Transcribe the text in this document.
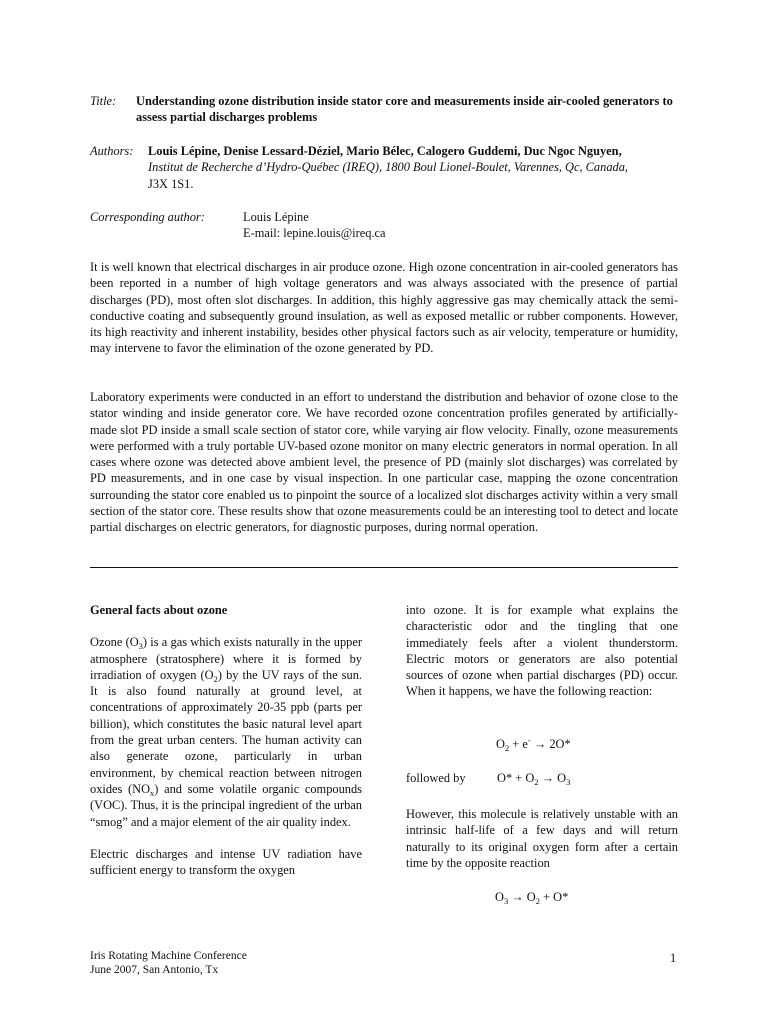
Title: Understanding ozone distribution inside stator core and measurements inside air-cooled generators to assess partial discharges problems
Authors: Louis Lépine, Denise Lessard-Déziel, Mario Bélec, Calogero Guddemi, Duc Ngoc Nguyen,
Institut de Recherche d’Hydro-Québec (IREQ), 1800 Boul Lionel-Boulet, Varennes, Qc, Canada, J3X 1S1.
Corresponding author:	Louis Lépine
E-mail: lepine.louis@ireq.ca
It is well known that electrical discharges in air produce ozone. High ozone concentration in air-cooled generators has been reported in a number of high voltage generators and was always associated with the presence of partial discharges (PD), most often slot discharges. In addition, this highly aggressive gas may chemically attack the semi-conductive coating and subsequently ground insulation, as well as exposed metallic or rubber components. However, its high reactivity and inherent instability, besides other physical factors such as air velocity, temperature or humidity, may intervene to favor the elimination of the ozone generated by PD.
Laboratory experiments were conducted in an effort to understand the distribution and behavior of ozone close to the stator winding and inside generator core. We have recorded ozone concentration profiles generated by artificially-made slot PD inside a small scale section of stator core, while varying air flow velocity. Finally, ozone measurements were performed with a truly portable UV-based ozone monitor on many electric generators in normal operation. In all cases where ozone was detected above ambient level, the presence of PD (mainly slot discharges) was correlated by PD measurements, and in one case by visual inspection. In one particular case, mapping the ozone concentration surrounding the stator core enabled us to pinpoint the source of a localized slot discharges activity within a very small section of the stator core. These results show that ozone measurements could be an interesting tool to detect and locate partial discharges on electric generators, for diagnostic purposes, during normal operation.

General facts about ozone

Ozone $(O_3)$ is a gas which exists naturally in the upper atmosphere (stratosphere) where it is formed by irradiation of oxygen $(O_2)$ by the UV rays of the sun. It is also found naturally at ground level, at concentrations of approximately 20-35 ppb (parts per billion), which constitutes the basic natural level apart from the great urban centers. The human activity can also generate ozone, particularly in urban environment, by chemical reaction between nitrogen oxides $(NO_x)$ and some volatile organic compounds (VOC). Thus, it is the principal ingredient of the urban “smog” and a major element of the air quality index.

Electric discharges and intense UV radiation have sufficient energy to transform the oxygen

into ozone. It is for example what explains the characteristic odor and the tingling that one immediately feels after a violent thunderstorm. Electric motors or generators are also potential sources of ozone when partial discharges (PD) occur. When it happens, we have the following reaction:

$O_2 + e^- \to 2O*$
followed by	$O* + O_2 \to O_3$
However, this molecule is relatively unstable with an intrinsic half-life of a few days and will return naturally to its original oxygen form after a certain time by the opposite reaction
$O_3 \to O_2 + O*$
Iris Rotating Machine Conference
June 2007, San Antonio, Tx
1
